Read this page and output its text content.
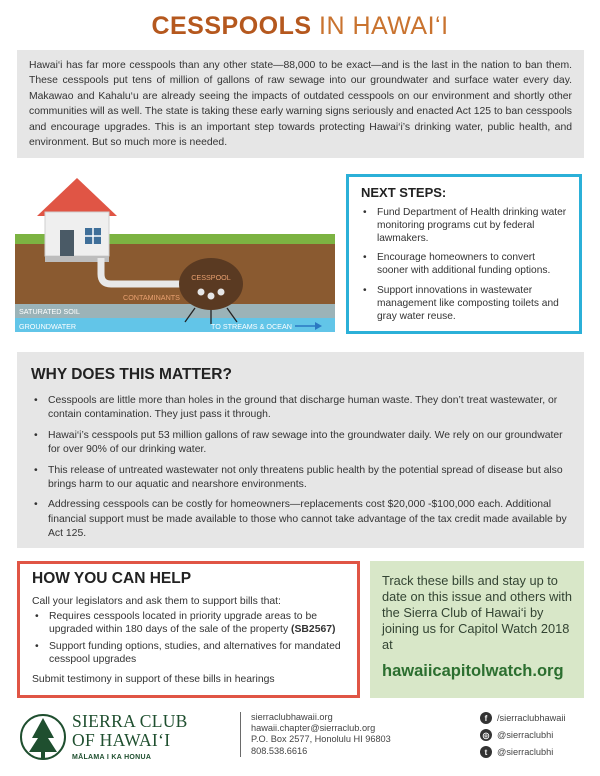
CESSPOOLS IN HAWAI‘I

Hawai‘i has far more cesspools than any other state—88,000 to be exact—and is the last in the nation to ban them. These cesspools put tens of million of gallons of raw sewage into our groundwater and surface water every day. Makawao and Kahalu‘u are already seeing the impacts of outdated cesspools on our environment and shortly other communities will as well. The state is taking these early warning signs seriously and enacted Act 125 to ban cesspools and encourage upgrades. This is an important step towards protecting Hawai‘i’s drinking water, public health, and environment. But so much more is needed.

CESSPOOL
CONTAMINANTS
SATURATED SOIL
GROUNDWATER	TO STREAMS & OCEAN
NEXT STEPS:
• Fund Department of Health drinking water monitoring programs cut by federal lawmakers.
• Encourage homeowners to convert sooner with additional funding options.
• Support innovations in wastewater management like composting toilets and gray water reuse.
WHY DOES THIS MATTER?
• Cesspools are little more than holes in the ground that discharge human waste. They don’t treat wastewater, or contain contamination. They just pass it through.
• Hawai‘i’s cesspools put 53 million gallons of raw sewage into the groundwater daily. We rely on our groundwater for over 90% of our drinking water.
• This release of untreated wastewater not only threatens public health by the potential spread of disease but also brings harm to our aquatic and nearshore environments.
• Addressing cesspools can be costly for homeowners—replacements cost $20,000 -$100,000 each. Additional financial support must be made available to those who cannot take advantage of the tax credit made available by Act 125.
HOW YOU CAN HELP

Call your legislators and ask them to support bills that:

• Requires cesspools located in priority upgrade areas to be upgraded within 180 days of the sale of the property (SB2567)
• Support funding options, studies, and alternatives for mandated cesspool upgrades

Submit testimony in support of these bills in hearings

Track these bills and stay up to date on this issue and others with the Sierra Club of Hawai‘i by joining us for Capitol Watch 2018 at

hawaiicapitolwatch.org
SIERRA CLUB
OF HAWAI‘I
MĀLAMA I KA HONUA
sierraclubhawaii.org
hawaii.chapter@sierraclub.org
P.O. Box 2577, Honolulu HI 96803
808.538.6616
f	/sierraclubhawaii
◎ @sierraclubhi
t	@sierraclubhi
